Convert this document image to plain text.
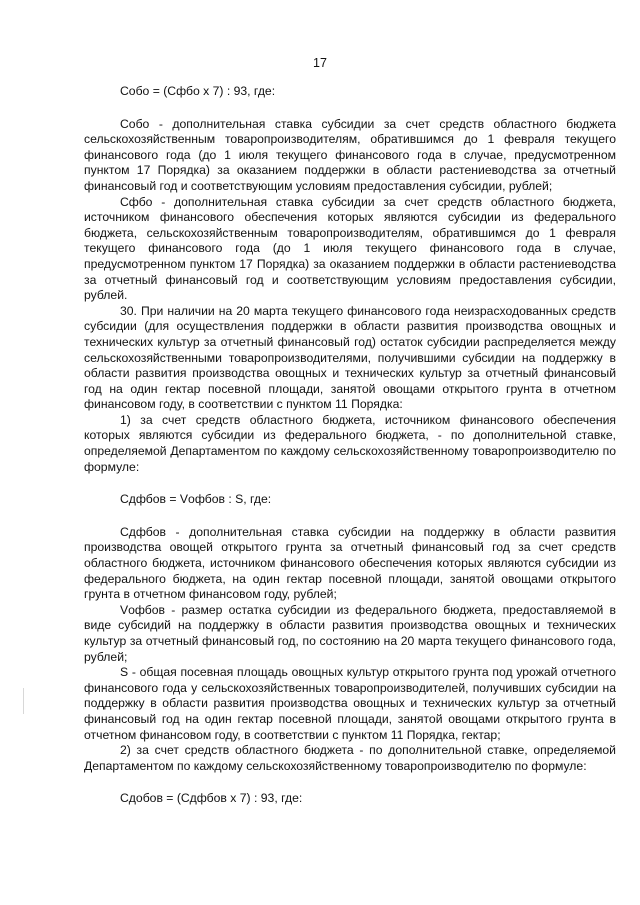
17

Собо = (Сфбо x 7) : 93, где:

Собо - дополнительная ставка субсидии за счет средств областного бюджета сельскохозяйственным товаропроизводителям, обратившимся до 1 февраля текущего финансового года (до 1 июля текущего финансового года в случае, предусмотренном пунктом 17 Порядка) за оказанием поддержки в области растениеводства за отчетный финансовый год и соответствующим условиям предоставления субсидии, рублей;

Сфбо - дополнительная ставка субсидии за счет средств областного бюджета, источником финансового обеспечения которых являются субсидии из федерального бюджета, сельскохозяйственным товаропроизводителям, обратившимся до 1 февраля текущего финансового года (до 1 июля текущего финансового года в случае, предусмотренном пунктом 17 Порядка) за оказанием поддержки в области растениеводства за отчетный финансовый год и соответствующим условиям предоставления субсидии, рублей.

30. При наличии на 20 марта текущего финансового года неизрасходованных средств субсидии (для осуществления поддержки в области развития производства овощных и технических культур за отчетный финансовый год) остаток субсидии распределяется между сельскохозяйственными товаропроизводителями, получившими субсидии на поддержку в области развития производства овощных и технических культур за отчетный финансовый год на один гектар посевной площади, занятой овощами открытого грунта в отчетном финансовом году, в соответствии с пунктом 11 Порядка:

1) за счет средств областного бюджета, источником финансового обеспечения которых являются субсидии из федерального бюджета, - по дополнительной ставке, определяемой Департаментом по каждому сельскохозяйственному товаропроизводителю по формуле:

Сдфбов = Vофбов : S, где:

Сдфбов - дополнительная ставка субсидии на поддержку в области развития производства овощей открытого грунта за отчетный финансовый год за счет средств областного бюджета, источником финансового обеспечения которых являются субсидии из федерального бюджета, на один гектар посевной площади, занятой овощами открытого грунта в отчетном финансовом году, рублей;

Vофбов - размер остатка субсидии из федерального бюджета, предоставляемой в виде субсидий на поддержку в области развития производства овощных и технических культур за отчетный финансовый год, по состоянию на 20 марта текущего финансового года, рублей;

S - общая посевная площадь овощных культур открытого грунта под урожай отчетного финансового года у сельскохозяйственных товаропроизводителей, получивших субсидии на поддержку в области развития производства овощных и технических культур за отчетный финансовый год на один гектар посевной площади, занятой овощами открытого грунта в отчетном финансовом году, в соответствии с пунктом 11 Порядка, гектар;

2) за счет средств областного бюджета - по дополнительной ставке, определяемой Департаментом по каждому сельскохозяйственному товаропроизводителю по формуле:

Сдобов = (Сдфбов x 7) : 93, где:
